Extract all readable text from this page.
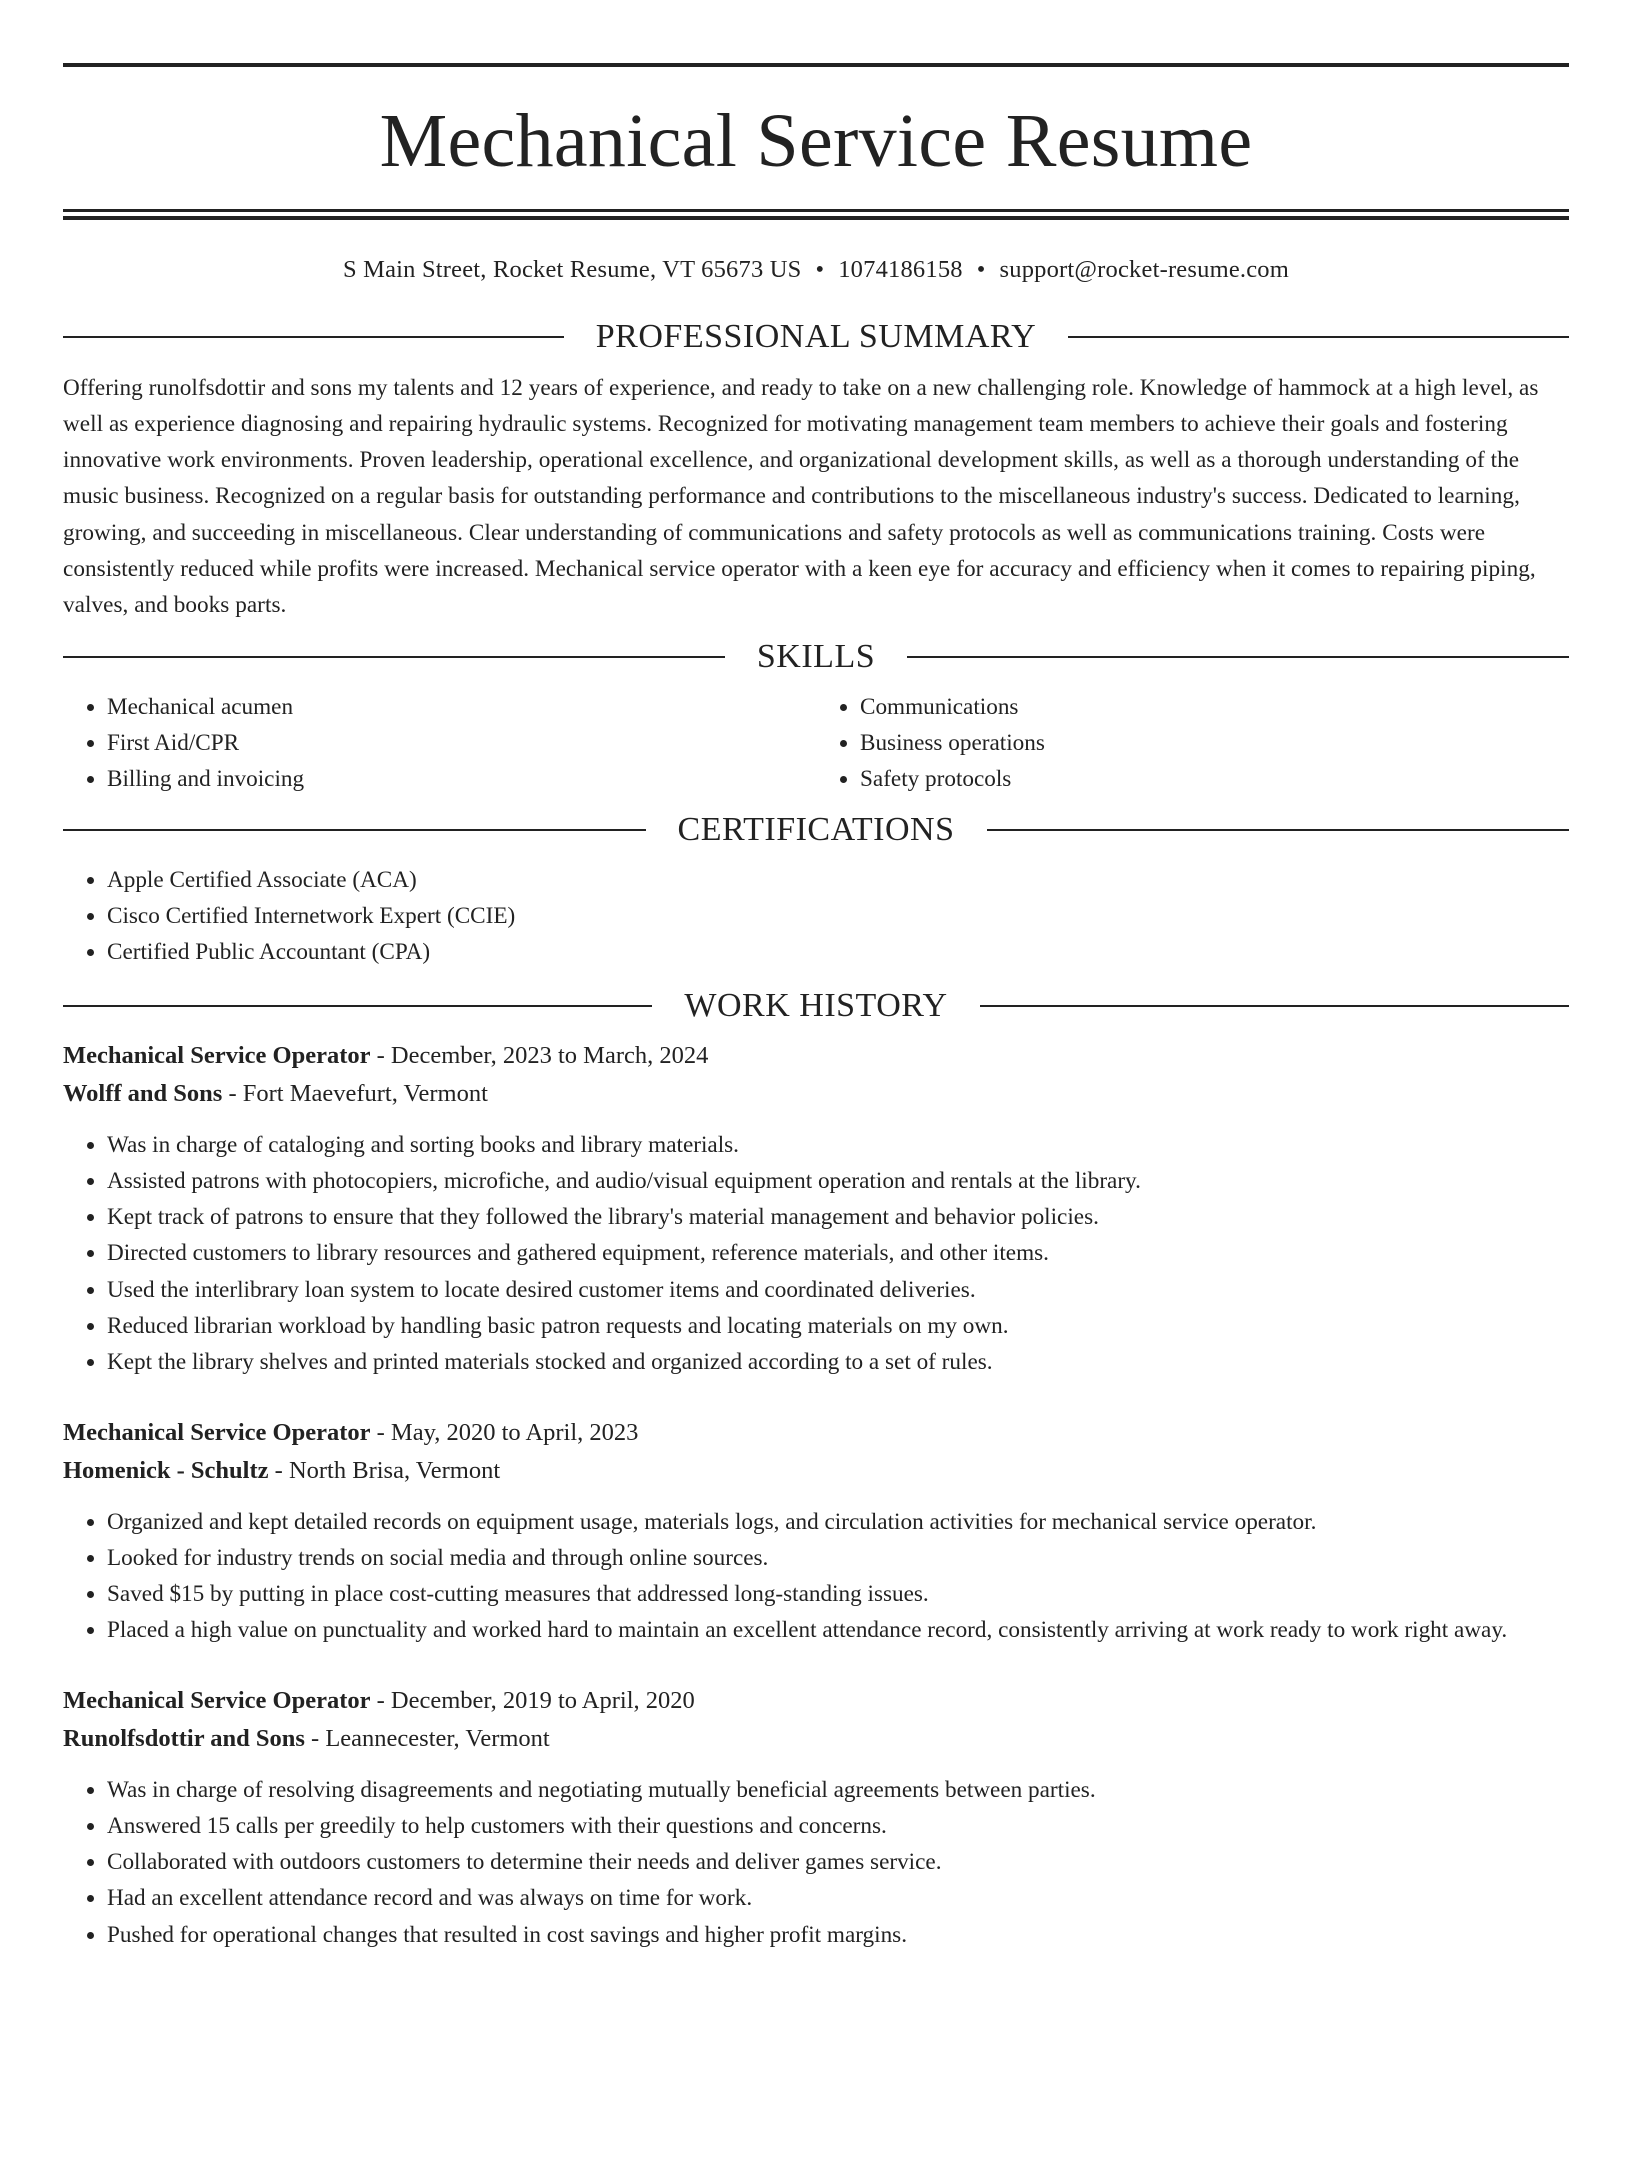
Mechanical Service Resume
S Main Street, Rocket Resume, VT 65673 US • 1074186158 • support@rocket-resume.com
PROFESSIONAL SUMMARY

Offering runolfsdottir and sons my talents and 12 years of experience, and ready to take on a new challenging role. Knowledge of hammock at a high level, as well as experience diagnosing and repairing hydraulic systems. Recognized for motivating management team members to achieve their goals and fostering innovative work environments. Proven leadership, operational excellence, and organizational development skills, as well as a thorough understanding of the music business. Recognized on a regular basis for outstanding performance and contributions to the miscellaneous industry's success. Dedicated to learning, growing, and succeeding in miscellaneous. Clear understanding of communications and safety protocols as well as communications training. Costs were consistently reduced while profits were increased. Mechanical service operator with a keen eye for accuracy and efficiency when it comes to repairing piping, valves, and books parts.

SKILLS
• Mechanical acumen
• First Aid/CPR
• Billing and invoicing
• Communications
• Business operations
• Safety protocols
CERTIFICATIONS
• Apple Certified Associate (ACA)
• Cisco Certified Internetwork Expert (CCIE)
• Certified Public Accountant (CPA)
WORK HISTORY

Mechanical Service Operator - December, 2023 to March, 2024

Wolff and Sons - Fort Maevefurt, Vermont

• Was in charge of cataloging and sorting books and library materials.
• Assisted patrons with photocopiers, microfiche, and audio/visual equipment operation and rentals at the library.
• Kept track of patrons to ensure that they followed the library's material management and behavior policies.
• Directed customers to library resources and gathered equipment, reference materials, and other items.
• Used the interlibrary loan system to locate desired customer items and coordinated deliveries.
• Reduced librarian workload by handling basic patron requests and locating materials on my own.
• Kept the library shelves and printed materials stocked and organized according to a set of rules.

Mechanical Service Operator - May, 2020 to April, 2023

Homenick - Schultz - North Brisa, Vermont

• Organized and kept detailed records on equipment usage, materials logs, and circulation activities for mechanical service operator.
• Looked for industry trends on social media and through online sources.
• Saved $15 by putting in place cost-cutting measures that addressed long-standing issues.
• Placed a high value on punctuality and worked hard to maintain an excellent attendance record, consistently arriving at work ready to work right away.

Mechanical Service Operator - December, 2019 to April, 2020

Runolfsdottir and Sons - Leannecester, Vermont

• Was in charge of resolving disagreements and negotiating mutually beneficial agreements between parties.
• Answered 15 calls per greedily to help customers with their questions and concerns.
• Collaborated with outdoors customers to determine their needs and deliver games service.
• Had an excellent attendance record and was always on time for work.
• Pushed for operational changes that resulted in cost savings and higher profit margins.
